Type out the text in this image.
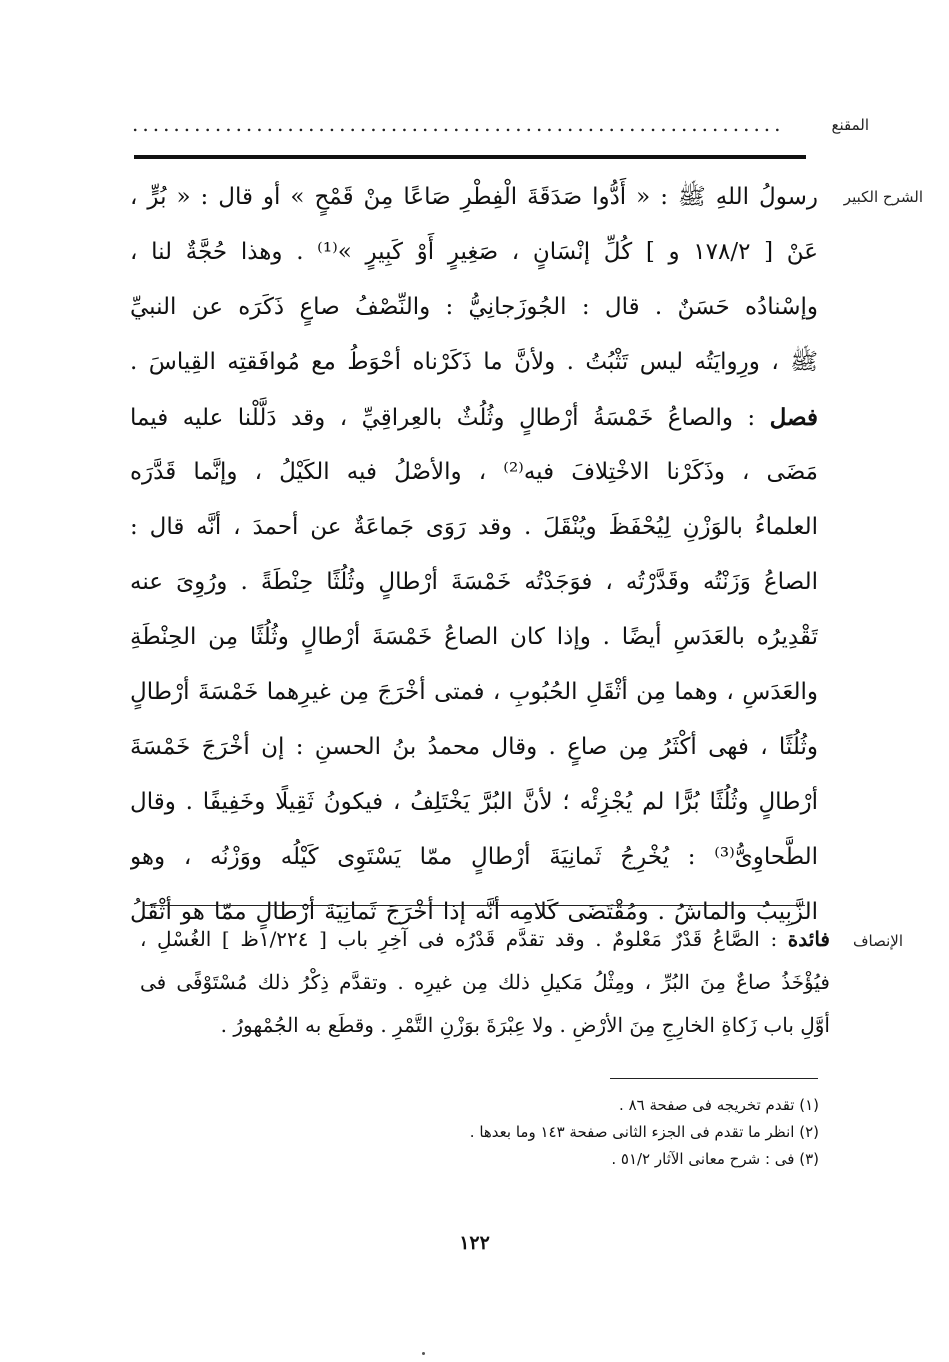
المقنع
...............................................................
الشرح الكبير
رسولُ اللهِ ﷺ : « أَدُّوا صَدَقَةَ الْفِطْرِ صَاعًا مِنْ قَمْحٍ » أو قال : « بُرٍّ ،
عَنْ [ ١٧٨/٢ و ] كُلِّ إنْسَانٍ ، صَغِيرٍ أَوْ كَبِيرٍ »⁽¹⁾ . وهذا حُجَّةٌ لنا ،
وإسْنادُه حَسَنٌ . قال : الجُوزَجانِيُّ : والنِّصْفُ صاعٍ ذَكَرَه عن النبيِّ
ﷺ ، ورِوايَتُه ليس تَثْبُتُ . ولأنَّ ما ذَكَرْناه أحْوَطُ مع مُوافَقتِه القِياسَ .
فصل : والصاعُ خَمْسَةُ أرْطالٍ وثُلُثٌ بالعِراقِيِّ ، وقد دَلَّلْنا عليه فيما
مَضَى ، وذَكَرْنا الاخْتِلافَ فيه⁽²⁾ ، والأصْلُ فيه الكَيْلُ ، وإنَّما قَدَّرَه
العلماءُ بالوَزْنِ لِيُحْفَظَ ويُنْقَلَ . وقد رَوَى جَماعَةٌ عن أحمدَ ، أنَّه قال :
الصاعُ وَزَنْتُه وقَدَّرْتُه ، فوَجَدْتُه خَمْسَةَ أرْطالٍ وثُلُثًا حِنْطَةً . ورُوِىَ عنه
تَقْدِيرُه بالعَدَسِ أيضًا . وإذا كان الصاعُ خَمْسَةَ أرْطالٍ وثُلُثًا مِن الحِنْطَةِ
والعَدَسِ ، وهما مِن أثْقَلِ الحُبُوبِ ، فمتى أخْرَجَ مِن غيرِهما خَمْسَةَ أرْطالٍ
وثُلُثًا ، فهى أكْثَرُ مِن صاعٍ . وقال محمدُ بنُ الحسنِ : إن أخْرَجَ خَمْسَةَ
أرْطالٍ وثُلُثًا بُرًّا لم يُجْزِئْه ؛ لأنَّ البُرَّ يَخْتَلِفُ ، فيكونُ ثَقِيلًا وخَفِيفًا . وقال
الطَّحاوِىُّ⁽³⁾ : يُخْرِجُ ثَمانِيَةَ أرْطالٍ ممّا يَسْتَوِى كَيْلُه ووَزْنُه ، وهو
الزَّبِيبُ والماشُ . ومُقْتَضَى كَلامِه أنَّه إذا أخْرَجَ ثَمانِيَةَ أرْطالٍ ممّا هو أثْقَلُ
الإنصاف
فائدة : الصَّاعُ قَدْرٌ مَعْلومٌ . وقد تقدَّم قَدْرُه فى آخِرِ باب [ ١/٢٢٤ظ ] الغُسْلِ ،
فيُؤْخَذُ صاعٌ مِنَ البُرِّ ، ومِثْلُ مَكيلِ ذلك مِن غيرِه . وتقدَّم ذِكْرُ ذلك مُسْتَوْفًى فى
أوَّلِ باب زَكاةِ الخارِجِ مِنَ الأرْضِ . ولا عِبْرَةَ بوَزْنِ التَّمْرِ . وقطَع به الجُمْهورُ .
(١) تقدم تخريجه فى صفحة ٨٦ .
(٢) انظر ما تقدم فى الجزء الثانى صفحة ١٤٣ وما بعدها .
(٣) فى : شرح معانى الآثار ٥١/٢ .
١٢٢
